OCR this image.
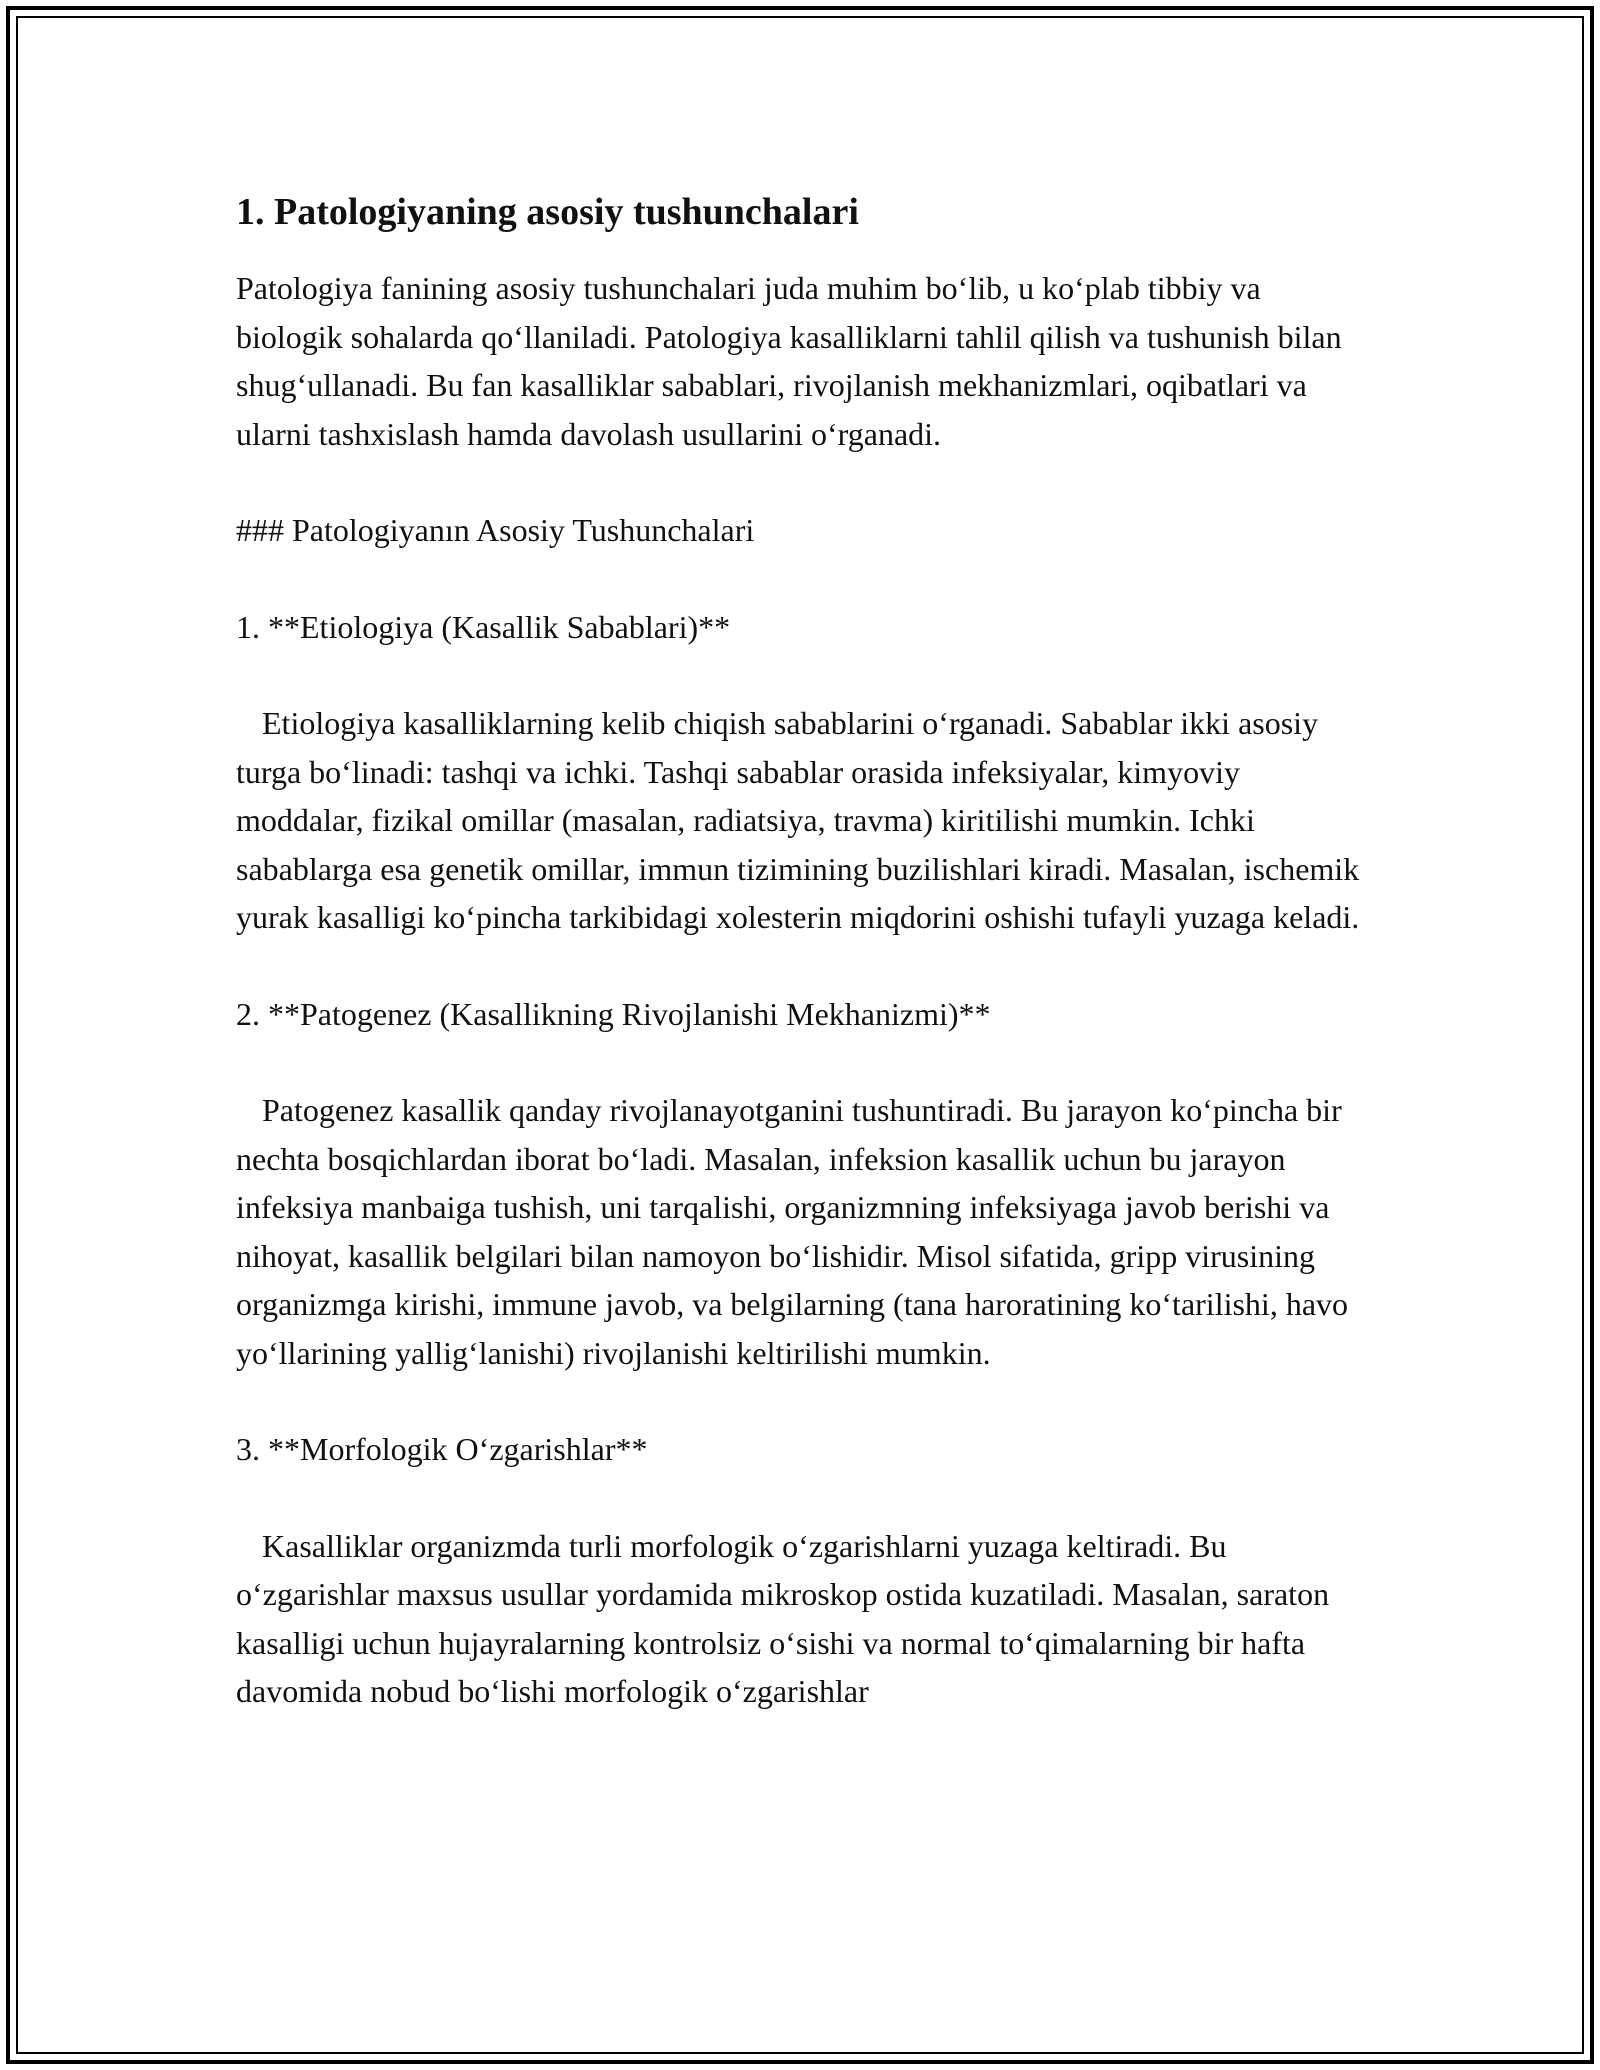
1. Patologiyaning asosiy tushunchalari

Patologiya fanining asosiy tushunchalari juda muhim boʻlib, u koʻplab tibbiy va biologik sohalarda qoʻllaniladi. Patologiya kasalliklarni tahlil qilish va tushunish bilan shugʻullanadi. Bu fan kasalliklar sabablari, rivojlanish mekhanizmlari, oqibatlari va ularni tashxislash hamda davolash usullarini oʻrganadi.

### Patologiyanın Asosiy Tushunchalari

1. **Etiologiya (Kasallik Sabablari)**

Etiologiya kasalliklarning kelib chiqish sabablarini oʻrganadi. Sabablar ikki asosiy turga boʻlinadi: tashqi va ichki. Tashqi sabablar orasida infeksiyalar, kimyoviy moddalar, fizikal omillar (masalan, radiatsiya, travma) kiritilishi mumkin. Ichki sabablarga esa genetik omillar, immun tizimining buzilishlari kiradi. Masalan, ischemik yurak kasalligi koʻpincha tarkibidagi xolesterin miqdorini oshishi tufayli yuzaga keladi.

2. **Patogenez (Kasallikning Rivojlanishi Mekhanizmi)**

Patogenez kasallik qanday rivojlanayotganini tushuntiradi. Bu jarayon koʻpincha bir nechta bosqichlardan iborat boʻladi. Masalan, infeksion kasallik uchun bu jarayon infeksiya manbaiga tushish, uni tarqalishi, organizmning infeksiyaga javob berishi va nihoyat, kasallik belgilari bilan namoyon boʻlishidir. Misol sifatida, gripp virusining organizmga kirishi, immune javob, va belgilarning (tana haroratining koʻtarilishi, havo yoʻllarining yalligʻlanishi) rivojlanishi keltirilishi mumkin.

3. **Morfologik Oʻzgarishlar**

Kasalliklar organizmda turli morfologik oʻzgarishlarni yuzaga keltiradi. Bu oʻzgarishlar maxsus usullar yordamida mikroskop ostida kuzatiladi. Masalan, saraton kasalligi uchun hujayralarning kontrolsiz oʻsishi va normal toʻqimalarning bir hafta davomida nobud boʻlishi morfologik oʻzgarishlar
